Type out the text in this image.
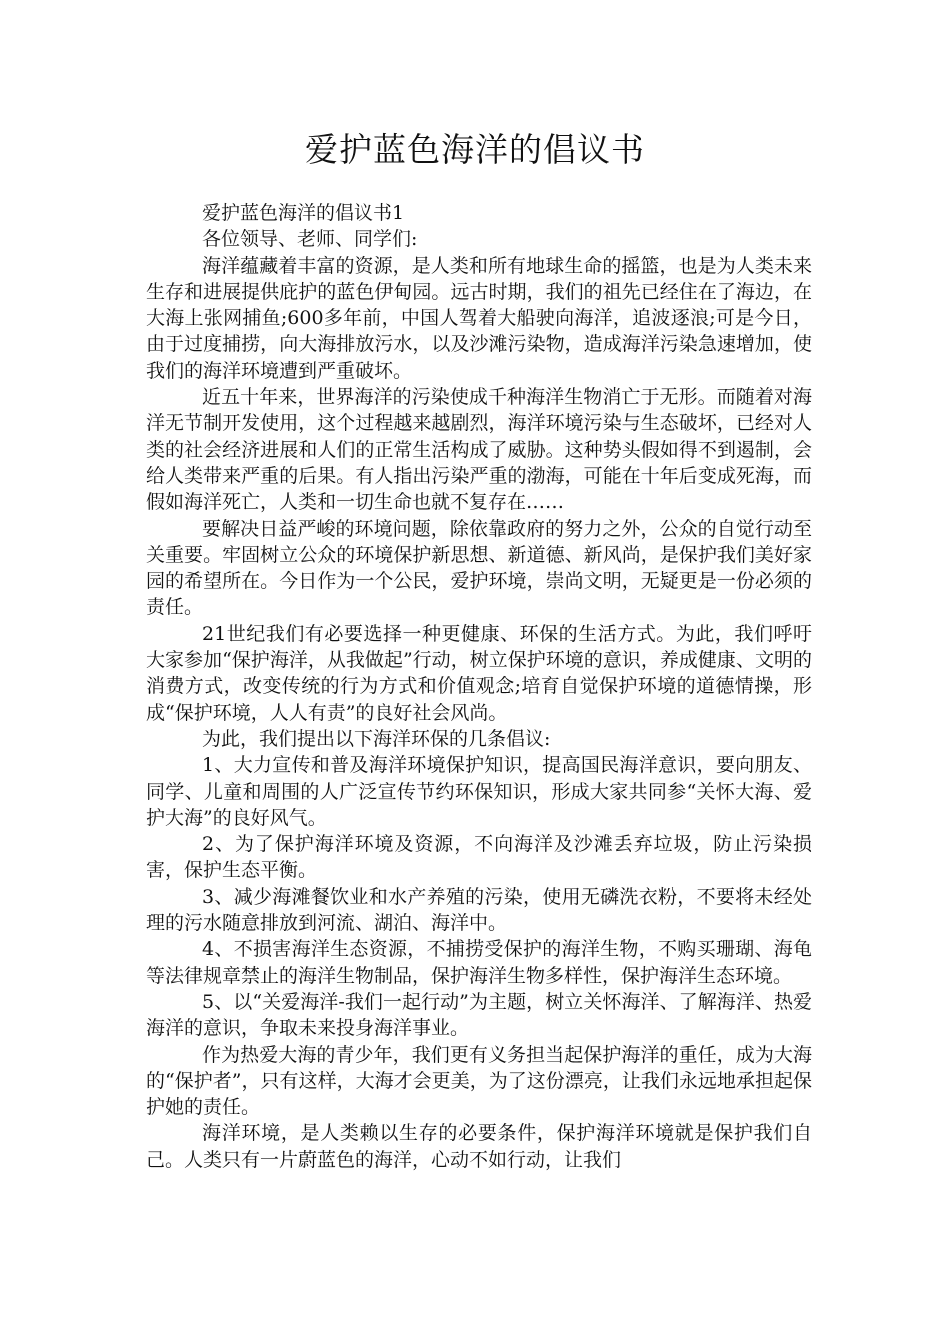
爱护蓝色海洋的倡议书

爱护蓝色海洋的倡议书1

各位领导、老师、同学们:

海洋蕴藏着丰富的资源，是人类和所有地球生命的摇篮，也是为人类未来生存和进展提供庇护的蓝色伊甸园。远古时期，我们的祖先已经住在了海边，在大海上张网捕鱼;600多年前，中国人驾着大船驶向海洋，追波逐浪;可是今日，由于过度捕捞，向大海排放污水，以及沙滩污染物，造成海洋污染急速增加，使我们的海洋环境遭到严重破坏。

近五十年来，世界海洋的污染使成千种海洋生物消亡于无形。而随着对海洋无节制开发使用，这个过程越来越剧烈，海洋环境污染与生态破坏，已经对人类的社会经济进展和人们的正常生活构成了威胁。这种势头假如得不到遏制，会给人类带来严重的后果。有人指出污染严重的渤海，可能在十年后变成死海，而假如海洋死亡，人类和一切生命也就不复存在……

要解决日益严峻的环境问题，除依靠政府的努力之外，公众的自觉行动至关重要。牢固树立公众的环境保护新思想、新道德、新风尚，是保护我们美好家园的希望所在。今日作为一个公民，爱护环境，崇尚文明，无疑更是一份必须的责任。

21世纪我们有必要选择一种更健康、环保的生活方式。为此，我们呼吁大家参加“保护海洋，从我做起”行动，树立保护环境的意识，养成健康、文明的消费方式，改变传统的行为方式和价值观念;培育自觉保护环境的道德情操，形成“保护环境，人人有责”的良好社会风尚。

为此，我们提出以下海洋环保的几条倡议:

1、大力宣传和普及海洋环境保护知识，提高国民海洋意识，要向朋友、同学、儿童和周围的人广泛宣传节约环保知识，形成大家共同参“关怀大海、爱护大海”的良好风气。

2、为了保护海洋环境及资源，不向海洋及沙滩丢弃垃圾，防止污染损害，保护生态平衡。

3、减少海滩餐饮业和水产养殖的污染，使用无磷洗衣粉，不要将未经处理的污水随意排放到河流、湖泊、海洋中。

4、不损害海洋生态资源，不捕捞受保护的海洋生物，不购买珊瑚、海龟等法律规章禁止的海洋生物制品，保护海洋生物多样性，保护海洋生态环境。

5、以“关爱海洋-我们一起行动”为主题，树立关怀海洋、了解海洋、热爱海洋的意识，争取未来投身海洋事业。

作为热爱大海的青少年，我们更有义务担当起保护海洋的重任，成为大海的“保护者”，只有这样，大海才会更美，为了这份漂亮，让我们永远地承担起保护她的责任。

海洋环境，是人类赖以生存的必要条件，保护海洋环境就是保护我们自己。人类只有一片蔚蓝色的海洋，心动不如行动，让我们
